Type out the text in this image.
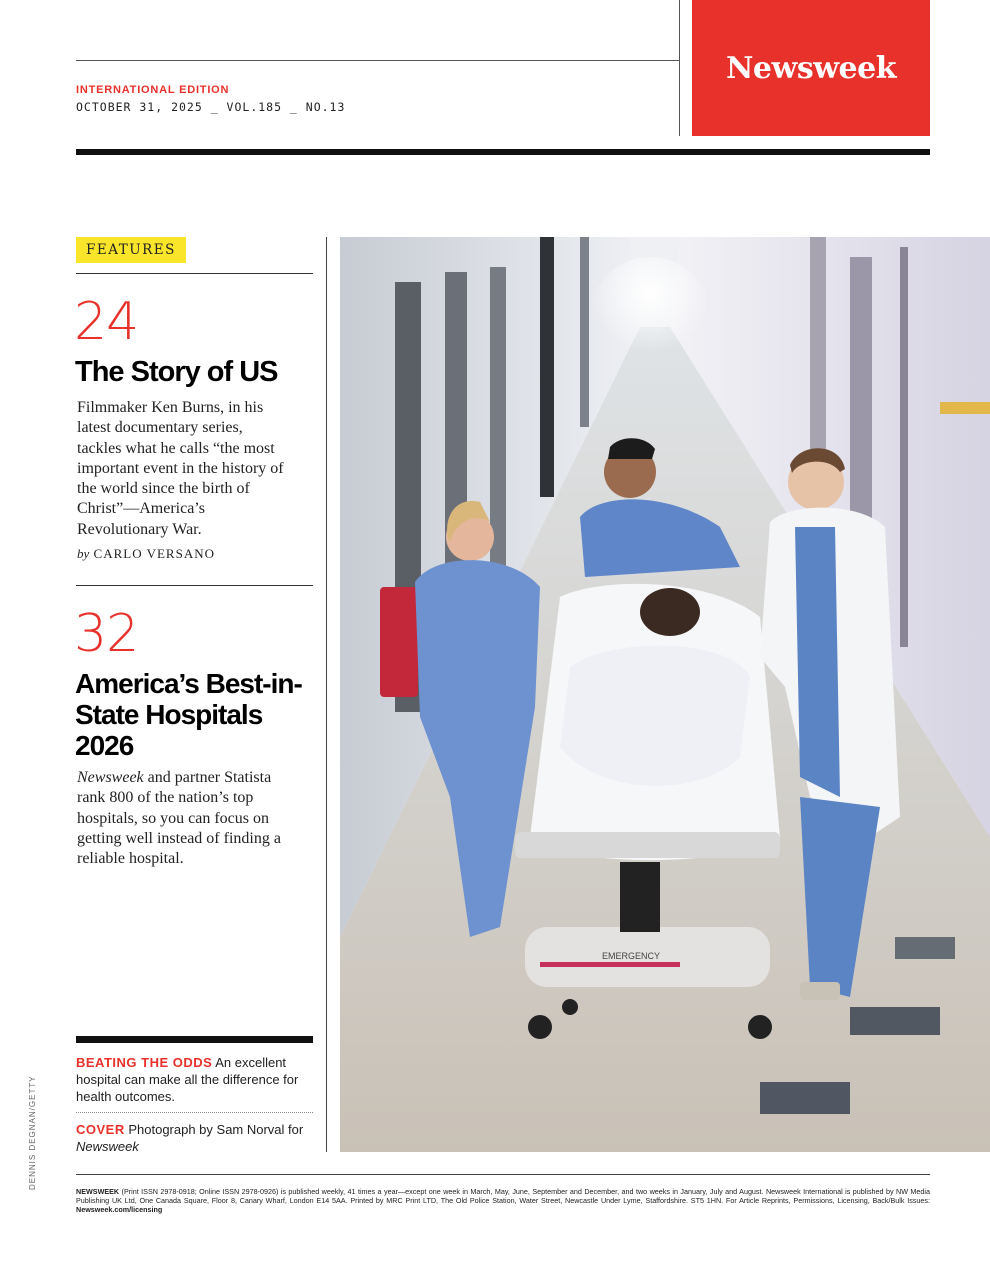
INTERNATIONAL EDITION
OCTOBER 31, 2025 _ VOL.185 _ NO.13
Newsweek
FEATURES
24
The Story of US
Filmmaker Ken Burns, in his latest documentary series, tackles what he calls “the most important event in the history of the world since the birth of Christ”—America’s Revolutionary War.
by CARLO VERSANO
32
America’s Best-in-State Hospitals 2026
Newsweek and partner Statista rank 800 of the nation’s top hospitals, so you can focus on getting well instead of finding a reliable hospital.
BEATING THE ODDS An excellent hospital can make all the difference for health outcomes.
COVER Photograph by Sam Norval for Newsweek
DENNIS DEGNAN/GETTY
EMERGENCY
NEWSWEEK (Print ISSN 2978-0918; Online ISSN 2978-0926) is published weekly, 41 times a year—except one week in March, May, June, September and December, and two weeks in January, July and August. Newsweek International is published by NW Media Publishing UK Ltd, One Canada Square, Floor 8, Canary Wharf, London E14 5AA. Printed by MRC Print LTD, The Old Police Station, Water Street, Newcastle Under Lyme, Staffordshire. ST5 1HN. For Article Reprints, Permissions, Licensing, Back/Bulk Issues: Newsweek.com/licensing
